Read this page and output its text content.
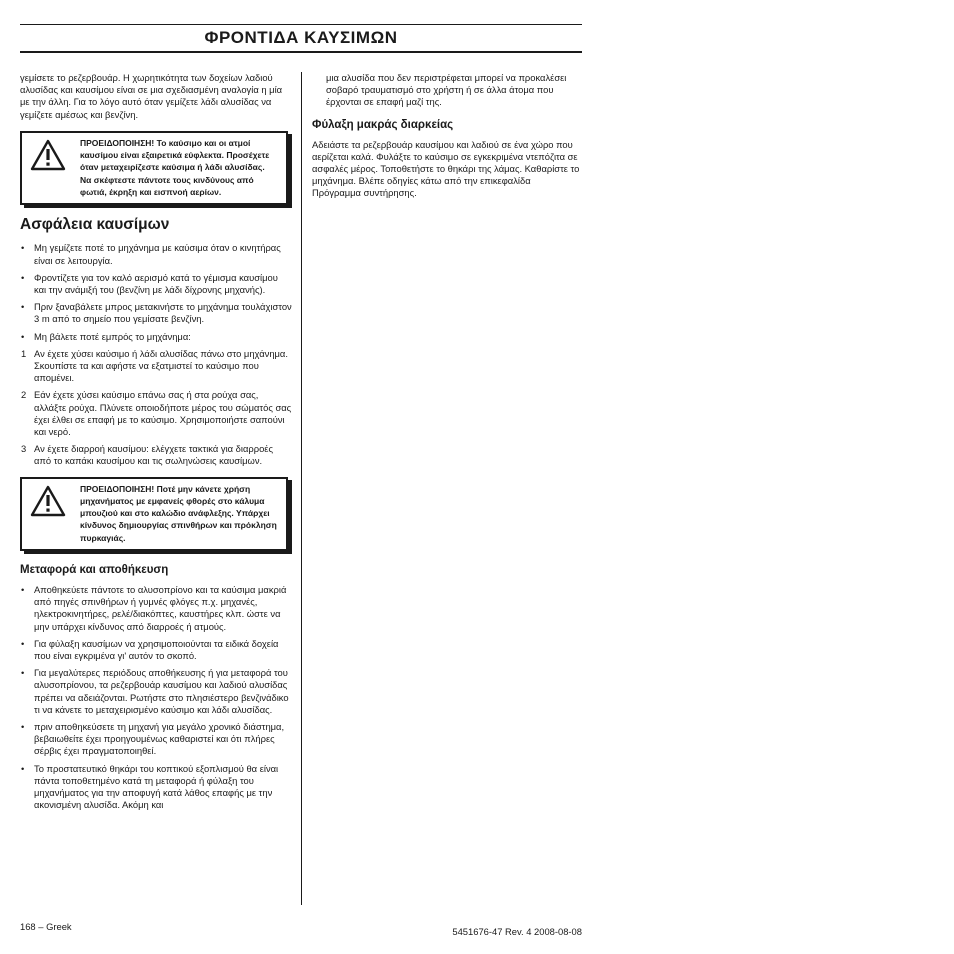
ΦΡΟΝΤΙΔΑ ΚΑΥΣΙΜΩΝ

γεμίσετε το ρεζερβουάρ. Η χωρητικότητα των δοχείων λαδιού αλυσίδας και καυσίμου είναι σε μια σχεδιασμένη αναλογία η μία με την άλλη. Για το λόγο αυτό όταν γεμίζετε λάδι αλυσίδας να γεμίζετε αμέσως και βενζίνη.

ΠΡΟΕΙΔΟΠΟΙΗΣΗ! Το καύσιμο και οι ατμοί καυσίμου είναι εξαιρετικά εύφλεκτα. Προσέχετε όταν μεταχειρίζεστε καύσιμα ή λάδι αλυσίδας. Να σκέφτεστε πάντοτε τους κινδύνους από φωτιά, έκρηξη και εισπνοή αερίων.

Ασφάλεια καυσίμων
• Μη γεμίζετε ποτέ το μηχάνημα με καύσιμα όταν ο κινητήρας είναι σε λειτουργία.
• Φροντίζετε για τον καλό αερισμό κατά το γέμισμα καυσίμου και την ανάμιξή του (βενζίνη με λάδι δίχρονης μηχανής).
• Πριν ξαναβάλετε μπρος μετακινήστε το μηχάνημα τουλάχιστον 3 m από το σημείο που γεμίσατε βενζίνη.
• Μη βάλετε ποτέ εμπρός το μηχάνημα:
1 Αν έχετε χύσει καύσιμο ή λάδι αλυσίδας πάνω στο μηχάνημα. Σκουπίστε τα και αφήστε να εξατμιστεί το καύσιμο που απομένει.
2 Εάν έχετε χύσει καύσιμο επάνω σας ή στα ρούχα σας, αλλάξτε ρούχα. Πλύνετε οποιοδήποτε μέρος του σώματός σας έχει έλθει σε επαφή με το καύσιμο. Χρησιμοποιήστε σαπούνι και νερό.
3 Αν έχετε διαρροή καυσίμου: ελέγχετε τακτικά για διαρροές από το καπάκι καυσίμου και τις σωληνώσεις καυσίμων.

ΠΡΟΕΙΔΟΠΟΙΗΣΗ! Ποτέ μην κάνετε χρήση μηχανήματος με εμφανείς φθορές στο κάλυμα μπουζιού και στο καλώδιο ανάφλεξης. Υπάρχει κίνδυνος δημιουργίας σπινθήρων και πρόκληση πυρκαγιάς.

Μεταφορά και αποθήκευση
• Αποθηκεύετε πάντοτε το αλυσοπρίονο και τα καύσιμα μακριά από πηγές σπινθήρων ή γυμνές φλόγες π.χ. μηχανές, ηλεκτροκινητήρες, ρελέ/διακόπτες, καυστήρες κλπ. ώστε να μην υπάρχει κίνδυνος από διαρροές ή ατμούς.
• Για φύλαξη καυσίμων να χρησιμοποιούνται τα ειδικά δοχεία που είναι εγκριμένα γι' αυτόν το σκοπό.
• Για μεγαλύτερες περιόδους αποθήκευσης ή για μεταφορά του αλυσοπρίονου, τα ρεζερβουάρ καυσίμου και λαδιού αλυσίδας πρέπει να αδειάζονται. Ρωτήστε στο πλησιέστερο βενζινάδικο τι να κάνετε το μεταχειρισμένο καύσιμο και λάδι αλυσίδας.
• πριν αποθηκεύσετε τη μηχανή για μεγάλο χρονικό διάστημα, βεβαιωθείτε έχει προηγουμένως καθαριστεί και ότι πλήρες σέρβις έχει πραγματοποιηθεί.
• Το προστατευτικό θηκάρι του κοπτικού εξοπλισμού θα είναι πάντα τοποθετημένο κατά τη μεταφορά ή φύλαξη του μηχανήματος για την αποφυγή κατά λάθος επαφής με την ακονισμένη αλυσίδα. Ακόμη και

μια αλυσίδα που δεν περιστρέφεται μπορεί να προκαλέσει σοβαρό τραυματισμό στο χρήστη ή σε άλλα άτομα που έρχονται σε επαφή μαζί της.

Φύλαξη μακράς διαρκείας

Αδειάστε τα ρεζερβουάρ καυσίμου και λαδιού σε ένα χώρο που αερίζεται καλά. Φυλάξτε το καύσιμο σε εγκεκριμένα ντεπόζιτα σε ασφαλές μέρος. Τοποθετήστε το θηκάρι της λάμας. Καθαρίστε το μηχάνημα. Βλέπε οδηγίες κάτω από την επικεφαλίδα Πρόγραμμα συντήρησης.

168 – Greek	5451676-47 Rev. 4 2008-08-08
